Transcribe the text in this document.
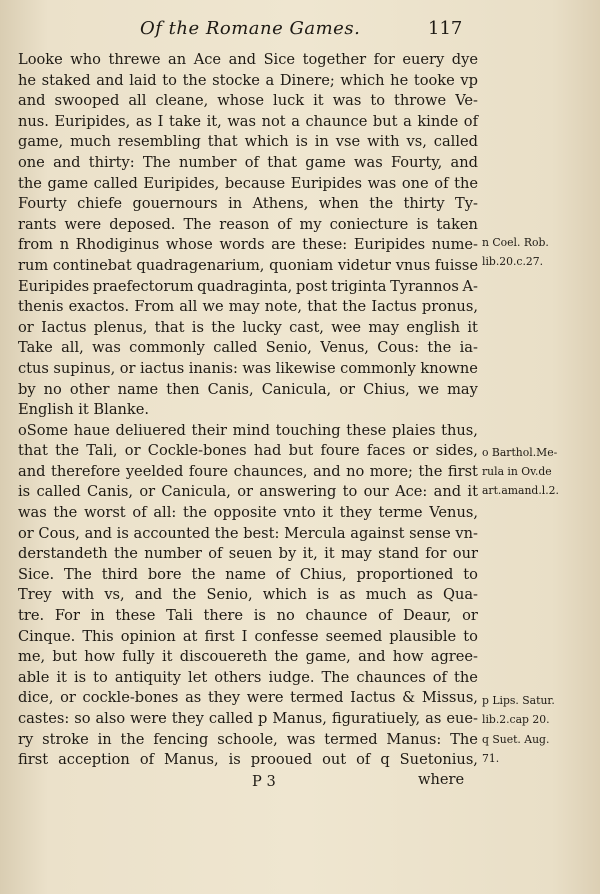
Of the Romane Games.	117
Looke who threwe an Ace and Sice together for euery dye
he staked and laid to the stocke a Dinere; which he tooke vp
and swooped all cleane, whose luck it was to throwe Ve-
nus. Euripides, as I take it, was not a chaunce but a kinde of
game, much resembling that which is in vse with vs, called
one and thirty: The number of that game was Fourty, and
the game called Euripides, because Euripides was one of the
Fourty chiefe gouernours in Athens, when the thirty Ty-
rants were deposed. The reason of my coniecture is taken
from n Rhodiginus whose words are these: Euripides nume-
rum continebat quadragenarium, quoniam videtur vnus fuisse
Euripides praefectorum quadraginta, post triginta Tyrannos A-
thenis exactos. From all we may note, that the Iactus pronus,
or Iactus plenus, that is the lucky cast, wee may english it
Take all, was commonly called Senio, Venus, Cous: the ia-
ctus supinus, or iactus inanis: was likewise commonly knowne
by no other name then Canis, Canicula, or Chius, we may
English it Blanke.
oSome haue deliuered their mind touching these plaies thus,
that the Tali, or Cockle-bones had but foure faces or sides,
and therefore yeelded foure chaunces, and no more; the first
is called Canis, or Canicula, or answering to our Ace: and it
was the worst of all: the opposite vnto it they terme Venus,
or Cous, and is accounted the best: Mercula against sense vn-
derstandeth the number of seuen by it, it may stand for our
Sice. The third bore the name of Chius, proportioned to
Trey with vs, and the Senio, which is as much as Qua-
tre. For in these Tali there is no chaunce of Deaur, or
Cinque. This opinion at first I confesse seemed plausible to
me, but how fully it discouereth the game, and how agree-
able it is to antiquity let others iudge. The chaunces of the
dice, or cockle-bones as they were termed Iactus & Missus,
castes: so also were they called p Manus, figuratiuely, as eue-
ry stroke in the fencing schoole, was termed Manus: The
first acception of Manus, is prooued out of q Suetonius,
n Coel. Rob.
lib.20.c.27.
o Barthol.Me-
rula in Ov.de
art.amand.l.2.
p Lips. Satur.
lib.2.cap 20.
q Suet. Aug.
71.
P 3	where
